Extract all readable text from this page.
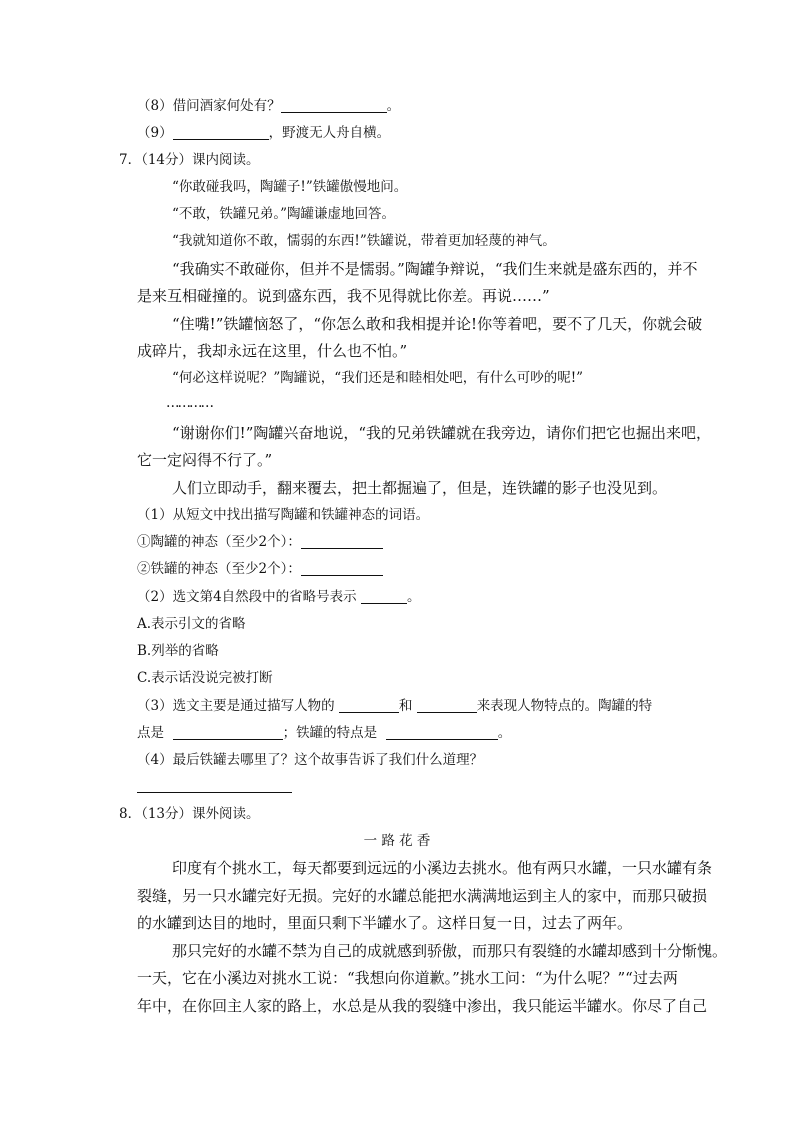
（8）借问酒家何处有？	。
（9）	，野渡无人舟自横。
7．（14分）课内阅读。
“你敢碰我吗，陶罐子!”铁罐傲慢地问。
“不敢，铁罐兄弟。”陶罐谦虚地回答。
“我就知道你不敢，懦弱的东西!”铁罐说，带着更加轻蔑的神气。
“我确实不敢碰你，但并不是懦弱。”陶罐争辩说，“我们生来就是盛东西的，并不
是来互相碰撞的。说到盛东西，我不见得就比你差。再说……”
“住嘴!”铁罐恼怒了，“你怎么敢和我相提并论!你等着吧，要不了几天，你就会破
成碎片，我却永远在这里，什么也不怕。”
“何必这样说呢？”陶罐说，“我们还是和睦相处吧，有什么可吵的呢!”
…………
“谢谢你们!”陶罐兴奋地说，“我的兄弟铁罐就在我旁边，请你们把它也掘出来吧，
它一定闷得不行了。”
人们立即动手，翻来覆去，把土都掘遍了，但是，连铁罐的影子也没见到。
（1）从短文中找出描写陶罐和铁罐神态的词语。
①陶罐的神态（至少2个）：
②铁罐的神态（至少2个）：
（2）选文第4自然段中的省略号表示	。
A.表示引文的省略
B.列举的省略
C.表示话没说完被打断
（3）选文主要是通过描写人物的	和	来表现人物特点的。陶罐的特
点是	；铁罐的特点是	。
（4）最后铁罐去哪里了？这个故事告诉了我们什么道理？
8．（13分）课外阅读。
一 路 花 香
印度有个挑水工，每天都要到远远的小溪边去挑水。他有两只水罐，一只水罐有条
裂缝，另一只水罐完好无损。完好的水罐总能把水满满地运到主人的家中，而那只破损
的水罐到达目的地时，里面只剩下半罐水了。这样日复一日，过去了两年。
那只完好的水罐不禁为自己的成就感到骄傲，而那只有裂缝的水罐却感到十分惭愧。
一天，它在小溪边对挑水工说：“我想向你道歉。”挑水工问：“为什么呢？”“过去两
年中，在你回主人家的路上，水总是从我的裂缝中渗出，我只能运半罐水。你尽了自己
